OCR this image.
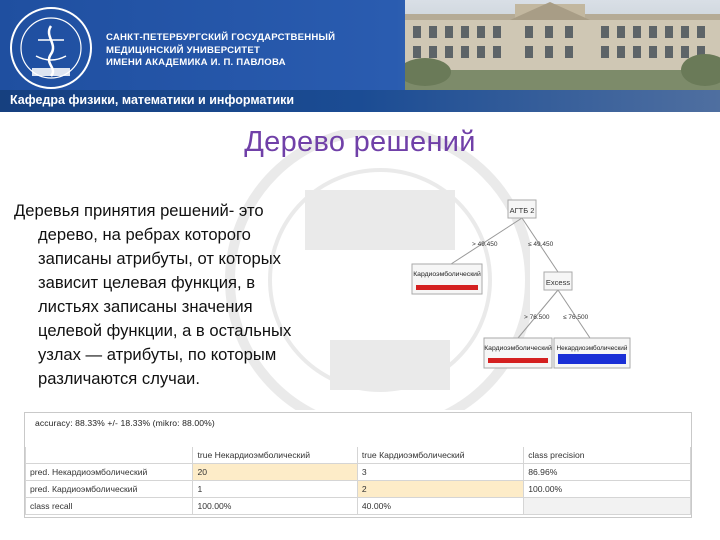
САНКТ-ПЕТЕРБУРГСКИЙ ГОСУДАРСТВЕННЫЙ
МЕДИЦИНСКИЙ УНИВЕРСИТЕТ
ИМЕНИ АКАДЕМИКА И. П. ПАВЛОВА
Кафедра физики, математики и информатики
Дерево решений
Деревья принятия решений- это
дерево, на ребрах которого
записаны атрибуты, от которых
зависит целевая функция, в
листьях записаны значения
целевой функции, а в остальных
узлах — атрибуты, по которым
различаются случаи.
АГТБ 2
> 49.450	≤ 49.450
Кардиоэмболический
Excess
> 76.500 ≤ 76.500
Кардиоэмболический Некардиоэмболический
accuracy: 88.33% +/- 18.33% (mikro: 88.00%)
	true Некардиоэмболический	true Кардиоэмболический	class precision
pred. Некардиоэмболический	20	3	86.96%
pred. Кардиоэмболический	1	2	100.00%
class recall	100.00%	40.00%	
